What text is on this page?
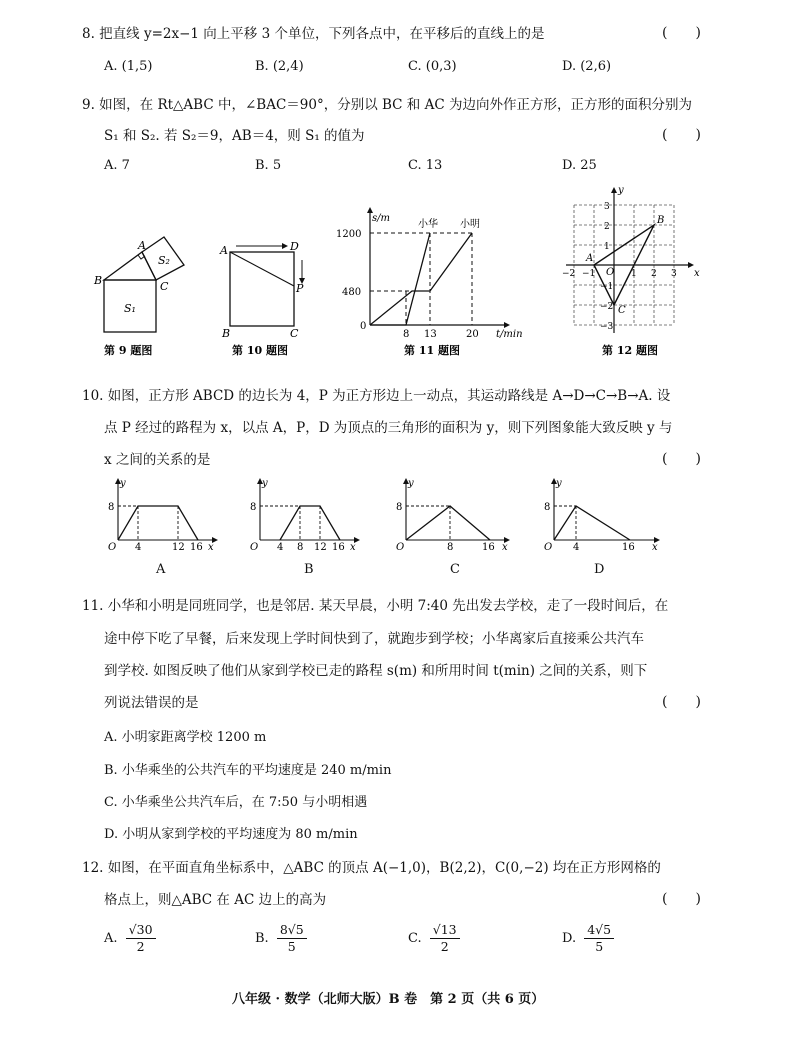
8. 把直线 y=2x−1 向上平移 3 个单位，下列各点中，在平移后的直线上的是	(　　)
A. (1,5)	B. (2,4)	C. (0,3)	D. (2,6)
9. 如图，在 Rt△ABC 中，∠BAC＝90°，分别以 BC 和 AC 为边向外作正方形，正方形的面积分别为
S₁ 和 S₂. 若 S₂＝9，AB＝4，则 S₁ 的值为	(　　)
A. 7	B. 5	C. 13	D. 25
A
B	C
S₂
S₁
第 9 题图
A	D
P
B	C
第 10 题图
s/m
小华 小明
1200
480
0
8 13	20 t/min
第 11 题图
y
x
O
A
B
C
−2 −1	1 2 3
3
2
1
−1
−2
−3
第 12 题图
10. 如图，正方形 ABCD 的边长为 4，P 为正方形边上一动点，其运动路线是 A→D→C→B→A. 设
点 P 经过的路程为 x，以点 A，P，D 为顶点的三角形的面积为 y，则下列图象能大致反映 y 与
x 之间的关系的是	(　　)
y
8
O 4	12 16 x
A
y
8
O 4 8 12 16 x
B
y
8
O	8	16 x
C
y
8
O 4	16 x
D
11. 小华和小明是同班同学，也是邻居. 某天早晨，小明 7:40 先出发去学校，走了一段时间后，在
途中停下吃了早餐，后来发现上学时间快到了，就跑步到学校；小华离家后直接乘公共汽车
到学校. 如图反映了他们从家到学校已走的路程 s(m) 和所用时间 t(min) 之间的关系，则下
列说法错误的是	(　　)
A. 小明家距离学校 1200 m
B. 小华乘坐的公共汽车的平均速度是 240 m/min
C. 小华乘坐公共汽车后，在 7:50 与小明相遇
D. 小明从家到学校的平均速度为 80 m/min
12. 如图，在平面直角坐标系中，△ABC 的顶点 A(−1,0)，B(2,2)，C(0,−2) 均在正方形网格的
格点上，则△ABC 在 AC 边上的高为	(　　)
A. $\frac{√30}{2}$	B. $\frac{8√5}{5}$	C. $\frac{√13}{2}$	D. $\frac{4√5}{5}$
八年级 · 数学（北师大版）B 卷　第 2 页（共 6 页）
